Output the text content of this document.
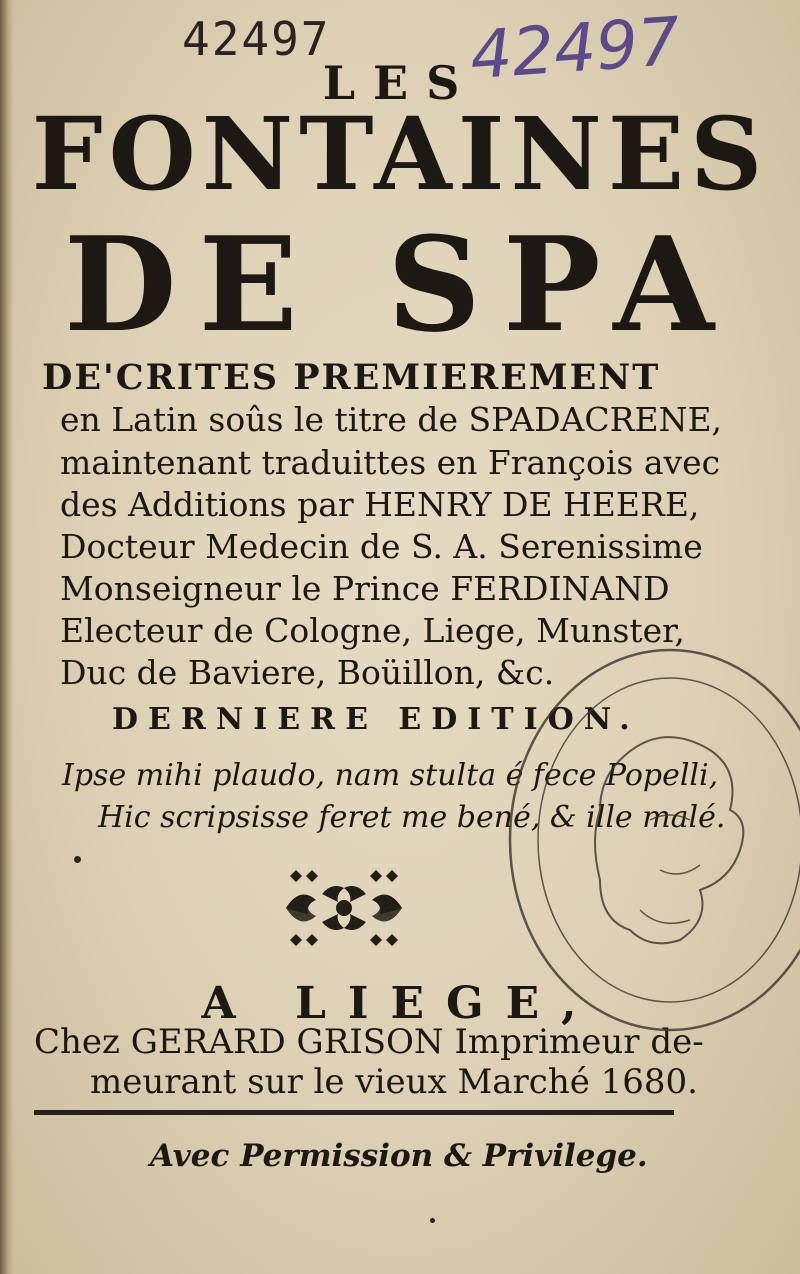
42497 42497
LES
FONTAINES
DE SPA
DE'CRITES PREMIEREMENT
en Latin soûs le titre de SPADACRENE,
maintenant traduittes en François avec
des Additions par HENRY DE HEERE,
Docteur Medecin de S. A. Serenissime
Monseigneur le Prince FERDINAND
Electeur de Cologne, Liege, Munster,
Duc de Baviere, Boüillon, &c.
DERNIERE EDITION.
Ipse mihi plaudo, nam stulta é fece Popelli,
Hic scripsisse feret me bené, & ille malé.
A LIEGE,
Chez GERARD GRISON Imprimeur de-
meurant sur le vieux Marché 1680.
Avec Permission & Privilege.
